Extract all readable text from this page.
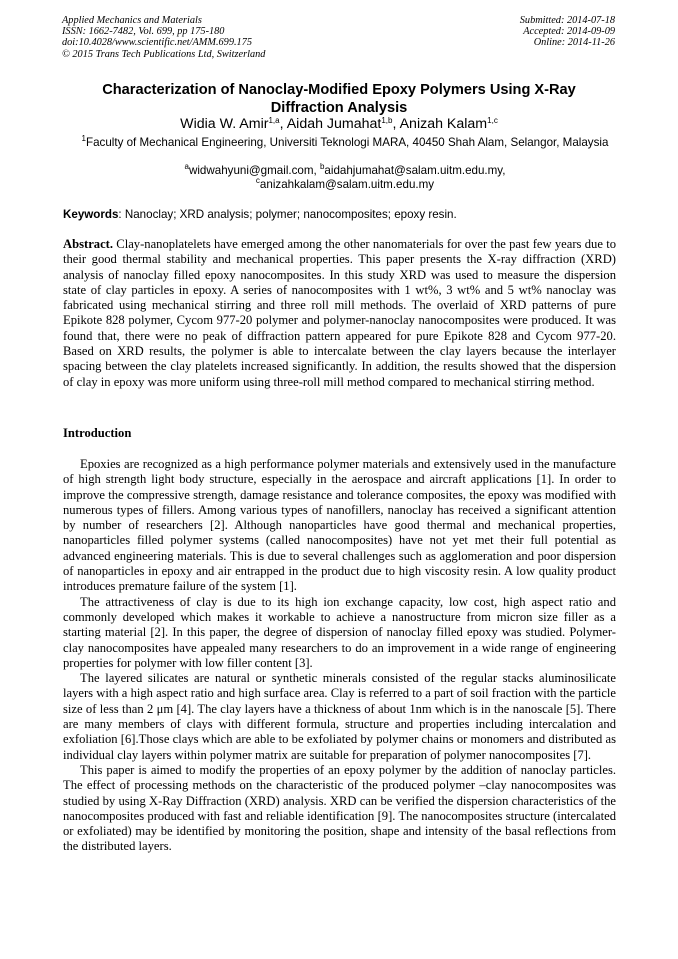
Applied Mechanics and Materials
ISSN: 1662-7482, Vol. 699, pp 175-180
doi:10.4028/www.scientific.net/AMM.699.175
© 2015 Trans Tech Publications Ltd, Switzerland
Submitted: 2014-07-18
Accepted: 2014-09-09
Online: 2014-11-26
Characterization of Nanoclay-Modified Epoxy Polymers Using X-Ray Diffraction Analysis
Widia W. Amir$^{1,a}$, Aidah Jumahat$^{1,b}$, Anizah Kalam$^{1,c}$
$^1$Faculty of Mechanical Engineering, Universiti Teknologi MARA, 40450 Shah Alam, Selangor, Malaysia
$^a$widwahyuni@gmail.com, $^b$aidahjumahat@salam.uitm.edu.my,
$^c$anizahkalam@salam.uitm.edu.my
Keywords: Nanoclay; XRD analysis; polymer; nanocomposites; epoxy resin.
Abstract. Clay-nanoplatelets have emerged among the other nanomaterials for over the past few years due to their good thermal stability and mechanical properties. This paper presents the X-ray diffraction (XRD) analysis of nanoclay filled epoxy nanocomposites. In this study XRD was used to measure the dispersion state of clay particles in epoxy. A series of nanocomposites with 1 wt%, 3 wt% and 5 wt% nanoclay was fabricated using mechanical stirring and three roll mill methods. The overlaid of XRD patterns of pure Epikote 828 polymer, Cycom 977-20 polymer and polymer-nanoclay nanocomposites were produced. It was found that, there were no peak of diffraction pattern appeared for pure Epikote 828 and Cycom 977-20. Based on XRD results, the polymer is able to intercalate between the clay layers because the interlayer spacing between the clay platelets increased significantly. In addition, the results showed that the dispersion of clay in epoxy was more uniform using three-roll mill method compared to mechanical stirring method.
Introduction

Epoxies are recognized as a high performance polymer materials and extensively used in the manufacture of high strength light body structure, especially in the aerospace and aircraft applications [1]. In order to improve the compressive strength, damage resistance and tolerance composites, the epoxy was modified with numerous types of fillers. Among various types of nanofillers, nanoclay has received a significant attention by number of researchers [2]. Although nanoparticles have good thermal and mechanical properties, nanoparticles filled polymer systems (called nanocomposites) have not yet met their full potential as advanced engineering materials. This is due to several challenges such as agglomeration and poor dispersion of nanoparticles in epoxy and air entrapped in the product due to high viscosity resin. A low quality product introduces premature failure of the system [1].

The attractiveness of clay is due to its high ion exchange capacity, low cost, high aspect ratio and commonly developed which makes it workable to achieve a nanostructure from micron size filler as a starting material [2]. In this paper, the degree of dispersion of nanoclay filled epoxy was studied. Polymer-clay nanocomposites have appealed many researchers to do an improvement in a wide range of engineering properties for polymer with low filler content [3].

The layered silicates are natural or synthetic minerals consisted of the regular stacks aluminosilicate layers with a high aspect ratio and high surface area. Clay is referred to a part of soil fraction with the particle size of less than 2 μm [4]. The clay layers have a thickness of about 1nm which is in the nanoscale [5]. There are many members of clays with different formula, structure and properties including intercalation and exfoliation [6].Those clays which are able to be exfoliated by polymer chains or monomers and distributed as individual clay layers within polymer matrix are suitable for preparation of polymer nanocomposites [7].

This paper is aimed to modify the properties of an epoxy polymer by the addition of nanoclay particles. The effect of processing methods on the characteristic of the produced polymer –clay nanocomposites was studied by using X-Ray Diffraction (XRD) analysis. XRD can be verified the dispersion characteristics of the nanocomposites produced with fast and reliable identification [9]. The nanocomposites structure (intercalated or exfoliated) may be identified by monitoring the position, shape and intensity of the basal reflections from the distributed layers.
